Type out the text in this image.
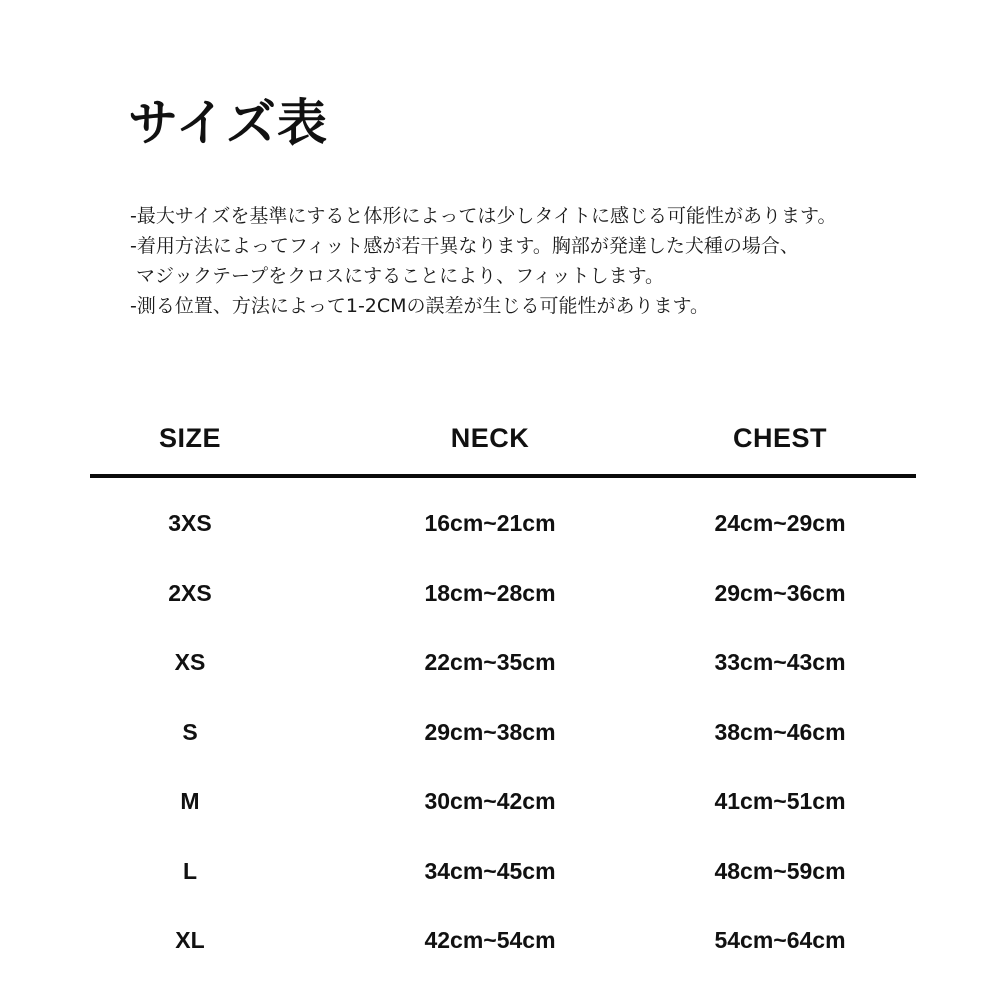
サイズ表
-最大サイズを基準にすると体形によっては少しタイトに感じる可能性があります。
-着用方法によってフィット感が若干異なります。胸部が発達した犬種の場合、
マジックテープをクロスにすることにより、フィットします。
-測る位置、方法によって1-2CMの誤差が生じる可能性があります。
SIZE	NECK	CHEST
3XS	16cm~21cm	24cm~29cm
2XS	18cm~28cm	29cm~36cm
XS	22cm~35cm	33cm~43cm
S	29cm~38cm	38cm~46cm
M	30cm~42cm	41cm~51cm
L	34cm~45cm	48cm~59cm
XL	42cm~54cm	54cm~64cm
